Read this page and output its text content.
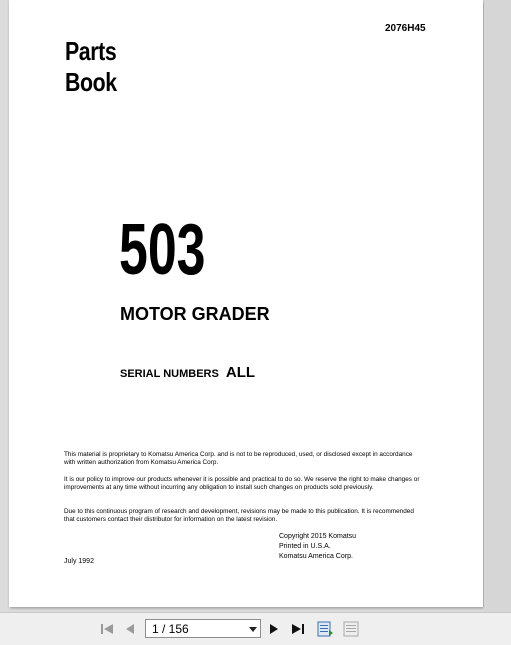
2076H45
Parts
Book
503
MOTOR GRADER
SERIAL NUMBERS ALL

This material is proprietary to Komatsu America Corp. and is not to be reproduced, used, or disclosed except in accordance with written authorization from Komatsu America Corp.

It is our policy to improve our products whenever it is possible and practical to do so. We reserve the right to make changes or improvements at any time without incurring any obligation to install such changes on products sold previously.

Due to this continuous program of research and development, revisions may be made to this publication. It is recommended that customers contact their distributor for information on the latest revision.

Copyright 2015 Komatsu
Printed in U.S.A.
Komatsu America Corp.
July 1992
1 / 156
